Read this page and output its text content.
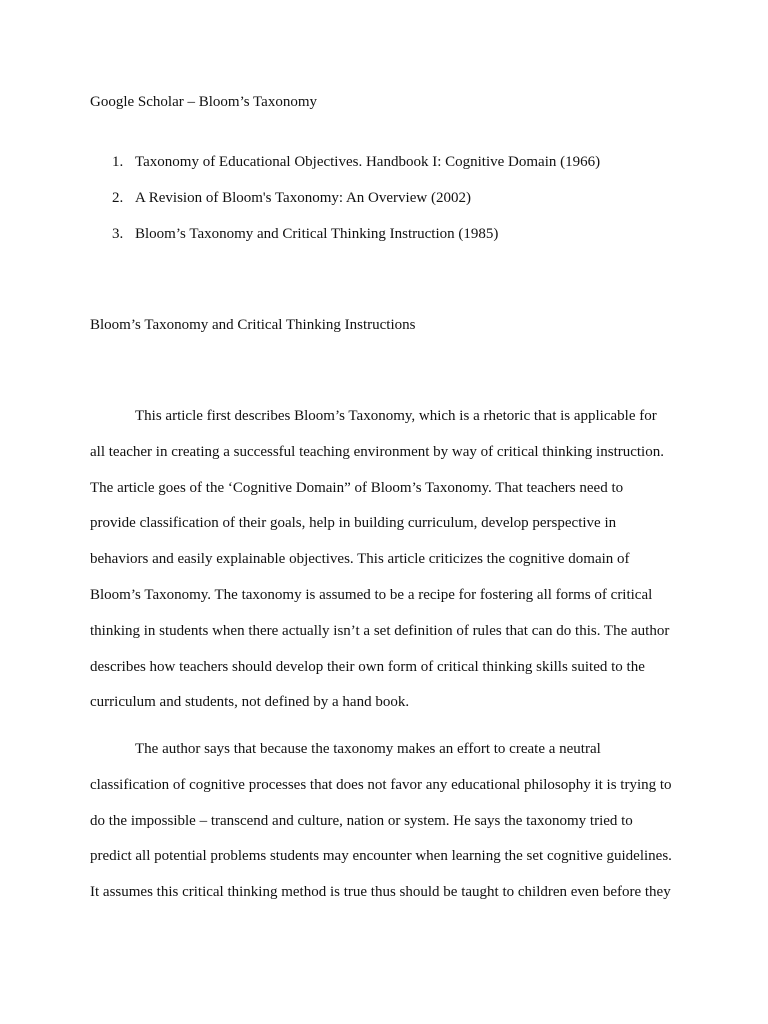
Google Scholar – Bloom’s Taxonomy
1. Taxonomy of Educational Objectives. Handbook I: Cognitive Domain (1966)
2. A Revision of Bloom's Taxonomy: An Overview (2002)
3. Bloom’s Taxonomy and Critical Thinking Instruction (1985)
Bloom’s Taxonomy and Critical Thinking Instructions
This article first describes Bloom’s Taxonomy, which is a rhetoric that is applicable for
all teacher in creating a successful teaching environment by way of critical thinking instruction.
The article goes of the ‘Cognitive Domain” of Bloom’s Taxonomy. That teachers need to
provide classification of their goals, help in building curriculum, develop perspective in
behaviors and easily explainable objectives. This article criticizes the cognitive domain of
Bloom’s Taxonomy. The taxonomy is assumed to be a recipe for fostering all forms of critical
thinking in students when there actually isn’t a set definition of rules that can do this. The author
describes how teachers should develop their own form of critical thinking skills suited to the
curriculum and students, not defined by a hand book.
The author says that because the taxonomy makes an effort to create a neutral
classification of cognitive processes that does not favor any educational philosophy it is trying to
do the impossible – transcend and culture, nation or system. He says the taxonomy tried to
predict all potential problems students may encounter when learning the set cognitive guidelines.
It assumes this critical thinking method is true thus should be taught to children even before they
